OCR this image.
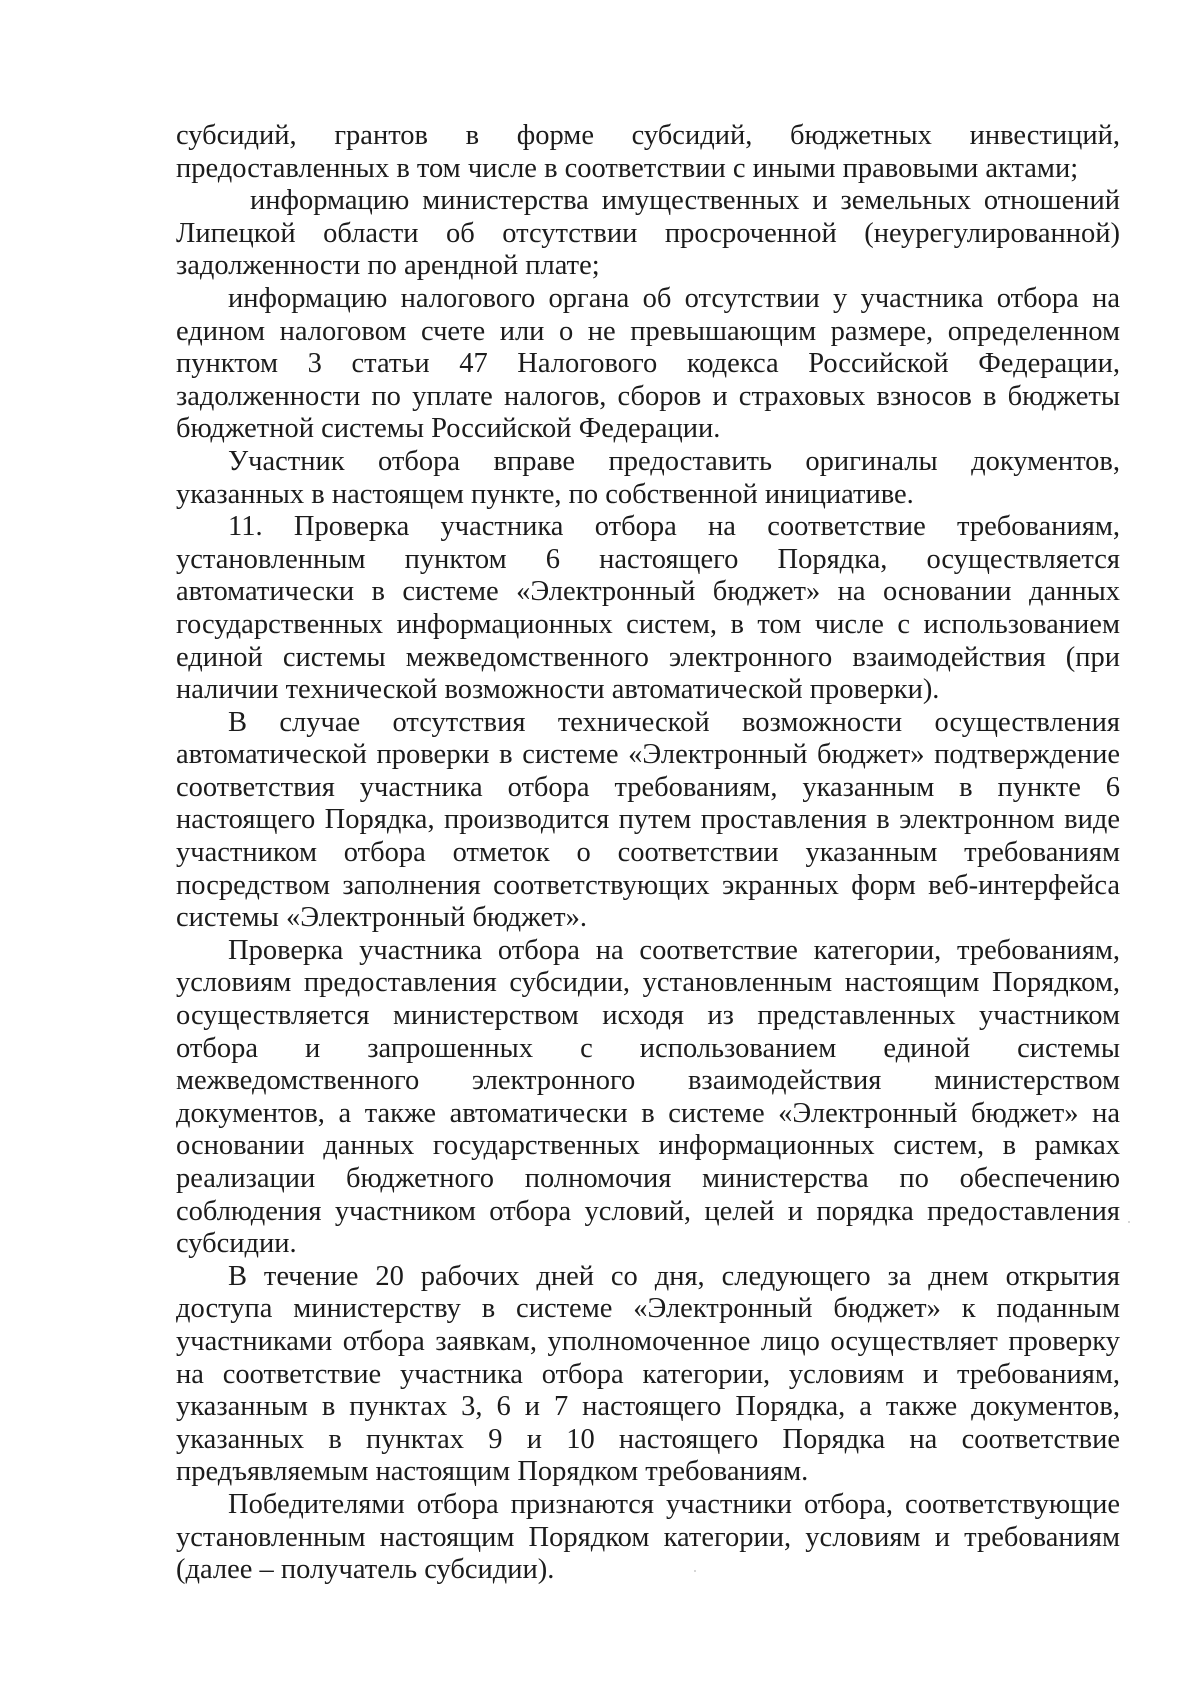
субсидий, грантов в форме субсидий, бюджетных инвестиций, предоставленных в том числе в соответствии с иными правовыми актами;

информацию министерства имущественных и земельных отношений Липецкой области об отсутствии просроченной (неурегулированной) задолженности по арендной плате;

информацию налогового органа об отсутствии у участника отбора на едином налоговом счете или о не превышающим размере, определенном пунктом 3 статьи 47 Налогового кодекса Российской Федерации, задолженности по уплате налогов, сборов и страховых взносов в бюджеты бюджетной системы Российской Федерации.

Участник отбора вправе предоставить оригиналы документов, указанных в настоящем пункте, по собственной инициативе.

11. Проверка участника отбора на соответствие требованиям, установленным пунктом 6 настоящего Порядка, осуществляется автоматически в системе «Электронный бюджет» на основании данных государственных информационных систем, в том числе с использованием единой системы межведомственного электронного взаимодействия (при наличии технической возможности автоматической проверки).

В случае отсутствия технической возможности осуществления автоматической проверки в системе «Электронный бюджет» подтверждение соответствия участника отбора требованиям, указанным в пункте 6 настоящего Порядка, производится путем проставления в электронном виде участником отбора отметок о соответствии указанным требованиям посредством заполнения соответствующих экранных форм веб-интерфейса системы «Электронный бюджет».

Проверка участника отбора на соответствие категории, требованиям, условиям предоставления субсидии, установленным настоящим Порядком, осуществляется министерством исходя из представленных участником отбора и запрошенных с использованием единой системы межведомственного электронного взаимодействия министерством документов, а также автоматически в системе «Электронный бюджет» на основании данных государственных информационных систем, в рамках реализации бюджетного полномочия министерства по обеспечению соблюдения участником отбора условий, целей и порядка предоставления субсидии.

В течение 20 рабочих дней со дня, следующего за днем открытия доступа министерству в системе «Электронный бюджет» к поданным участниками отбора заявкам, уполномоченное лицо осуществляет проверку на соответствие участника отбора категории, условиям и требованиям, указанным в пунктах 3, 6 и 7 настоящего Порядка, а также документов, указанных в пунктах 9 и 10 настоящего Порядка на соответствие предъявляемым настоящим Порядком требованиям.

Победителями отбора признаются участники отбора, соответствующие установленным настоящим Порядком категории, условиям и требованиям (далее – получатель субсидии).
